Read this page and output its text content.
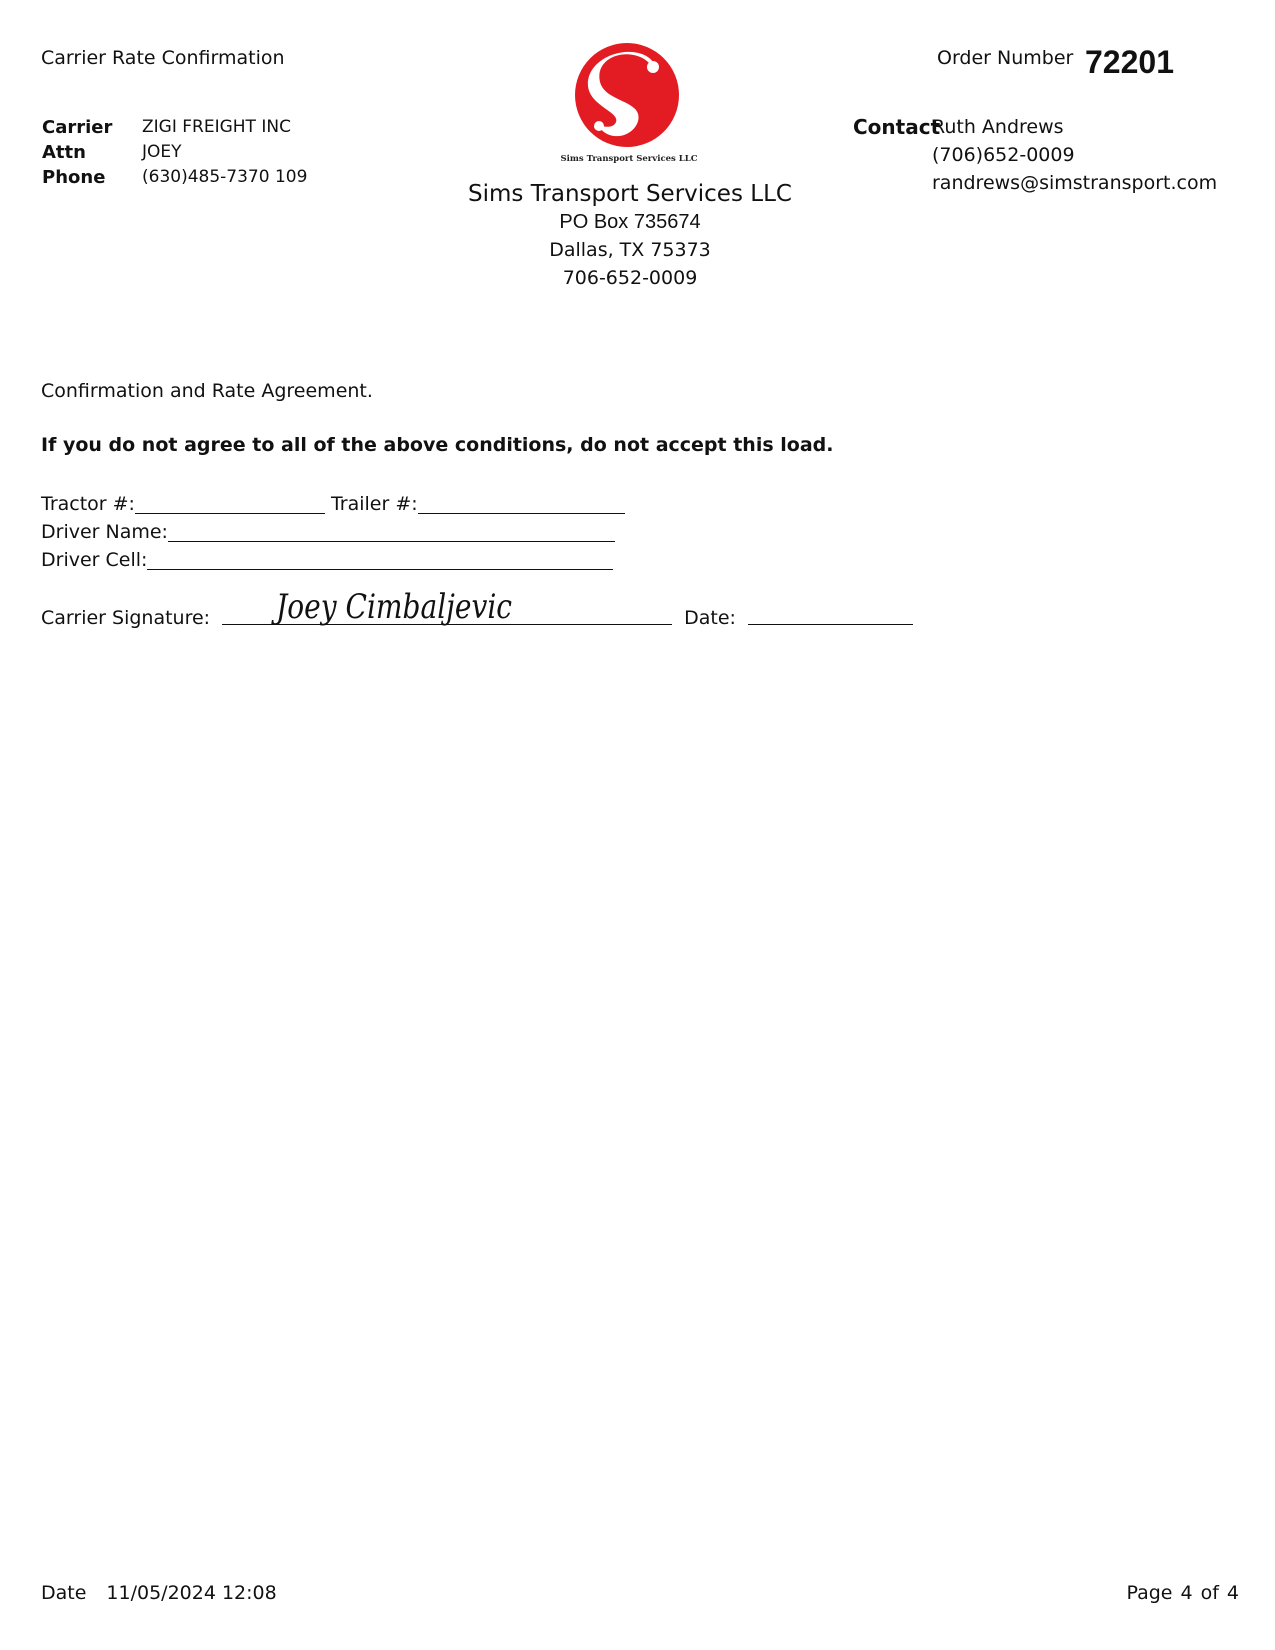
Carrier Rate Confirmation
Carrier	ZIGI FREIGHT INC
Attn	JOEY
Phone	(630)485-7370 109
Sims Transport Services LLC
Sims Transport Services LLC
PO Box 735674
Dallas, TX 75373
706-652-0009
Order Number 72201
Contact
Ruth Andrews
(706)652-0009
randrews@simstransport.com
Confirmation and Rate Agreement.
If you do not agree to all of the above conditions, do not accept this load.
Tractor #:	Trailer #:
Driver Name:
Driver Cell:
Carrier Signature: Joey Cimbaljevic	Date:
Date 11/05/2024 12:08	Page 4 of 4
